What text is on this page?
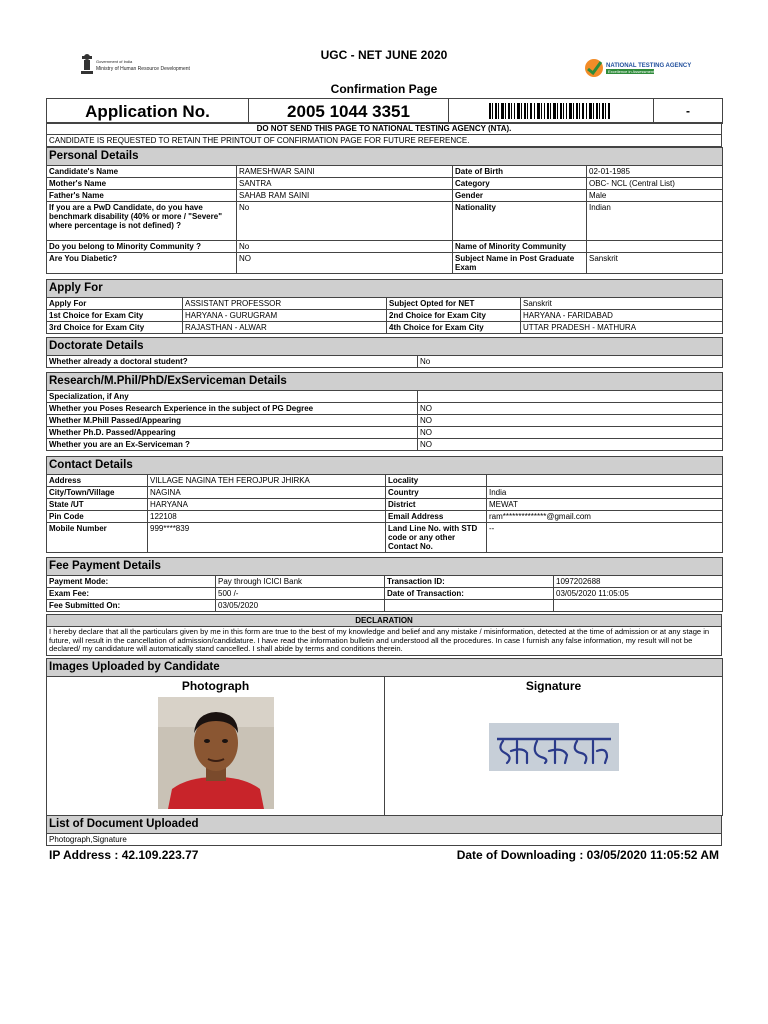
Government of India
Ministry of Human Resource Development
UGC - NET JUNE 2020
NATIONAL TESTING AGENCY
Excellence in Assessment
Confirmation Page
Application No.	2005 1044 3351		-
DO NOT SEND THIS PAGE TO NATIONAL TESTING AGENCY (NTA).
CANDIDATE IS REQUESTED TO RETAIN THE PRINTOUT OF CONFIRMATION PAGE FOR FUTURE REFERENCE.
Personal Details			
Candidate's Name	RAMESHWAR SAINI	Date of Birth	02-01-1985
Mother's Name	SANTRA	Category	OBC- NCL (Central List)
Father's Name	SAHAB RAM SAINI	Gender	Male
If you are a PwD Candidate, do you have benchmark disability (40% or more / "Severe" where percentage is not defined) ?	No	Nationality	Indian
Do you belong to Minority Community ?	No	Name of Minority Community	
Are You Diabetic?	NO	Subject Name in Post Graduate Exam	Sanskrit
Apply For			
Apply For	ASSISTANT PROFESSOR	Subject Opted for NET	Sanskrit
1st Choice for Exam City	HARYANA - GURUGRAM	2nd Choice for Exam City	HARYANA - FARIDABAD
3rd Choice for Exam City	RAJASTHAN - ALWAR	4th Choice for Exam City	UTTAR PRADESH - MATHURA
Doctorate Details
Whether already a doctoral student?	No
Research/M.Phil/PhD/ExServiceman Details	
Specialization, if Any	
Whether you Poses Research Experience in the subject of PG Degree	NO
Whether M.Phill Passed/Appearing	NO
Whether Ph.D. Passed/Appearing	NO
Whether you are an Ex-Serviceman ?	NO
Contact Details			
Address	VILLAGE NAGINA TEH FEROJPUR JHIRKA	Locality	
City/Town/Village	NAGINA	Country	India
State /UT	HARYANA	District	MEWAT
Pin Code	122108	Email Address	ram**************@gmail.com
Mobile Number	999****839	Land Line No. with STD code or any other Contact No.	--
Fee Payment Details			
Payment Mode:	Pay through ICICI Bank	Transaction ID:	1097202688
Exam Fee:	500 /-	Date of Transaction:	03/05/2020 11:05:05
Fee Submitted On:	03/05/2020		
DECLARATION
I hereby declare that all the particulars given by me in this form are true to the best of my knowledge and belief and any mistake / misinformation, detected at the time of admission or at any stage in future, will result in the cancellation of admission/candidature. I have read the information bulletin and understood all the procedures. In case I furnish any false information, my result will not be declared/ my candidature will automatically stand cancelled. I shall abide by terms and conditions therein.
Images Uploaded by Candidate

Photograph	Signature
List of Document Uploaded
Photograph,Signature
IP Address : 42.109.223.77	Date of Downloading : 03/05/2020 11:05:52 AM
